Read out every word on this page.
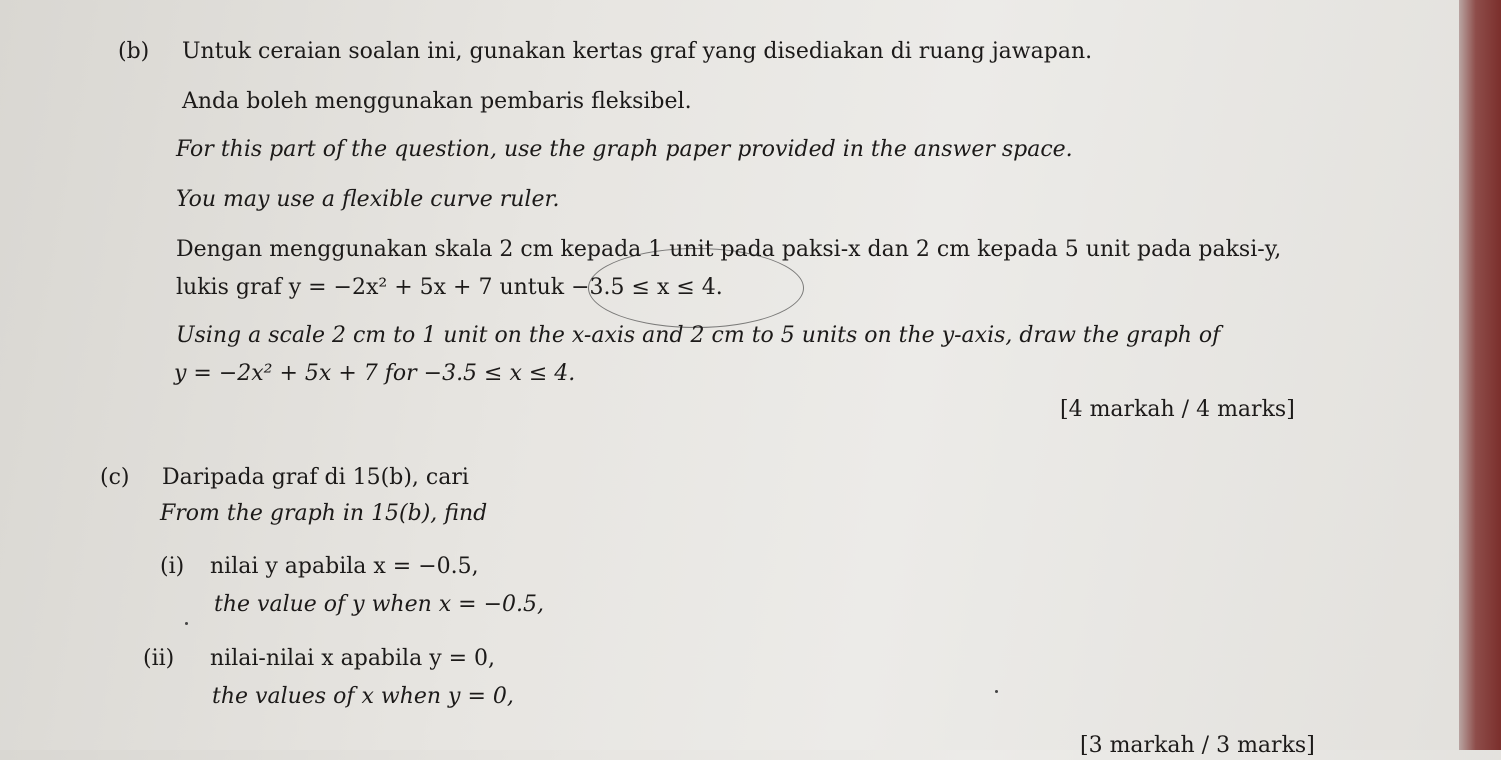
(b) Untuk ceraian soalan ini, gunakan kertas graf yang disediakan di ruang jawapan.
Anda boleh menggunakan pembaris fleksibel.
For this part of the question, use the graph paper provided in the answer space.
You may use a flexible curve ruler.
Dengan menggunakan skala 2 cm kepada 1 unit pada paksi-x dan 2 cm kepada 5 unit pada paksi-y,
lukis graf y = −2x² + 5x + 7 untuk −3.5 ≤ x ≤ 4.
Using a scale 2 cm to 1 unit on the x-axis and 2 cm to 5 units on the y-axis, draw the graph of
y = −2x² + 5x + 7 for −3.5 ≤ x ≤ 4.
[4 markah / 4 marks]
(c) Daripada graf di 15(b), cari
From the graph in 15(b), find
(i) nilai y apabila x = −0.5,
the value of y when x = −0.5,
(ii) nilai-nilai x apabila y = 0,
the values of x when y = 0,
[3 markah / 3 marks]
